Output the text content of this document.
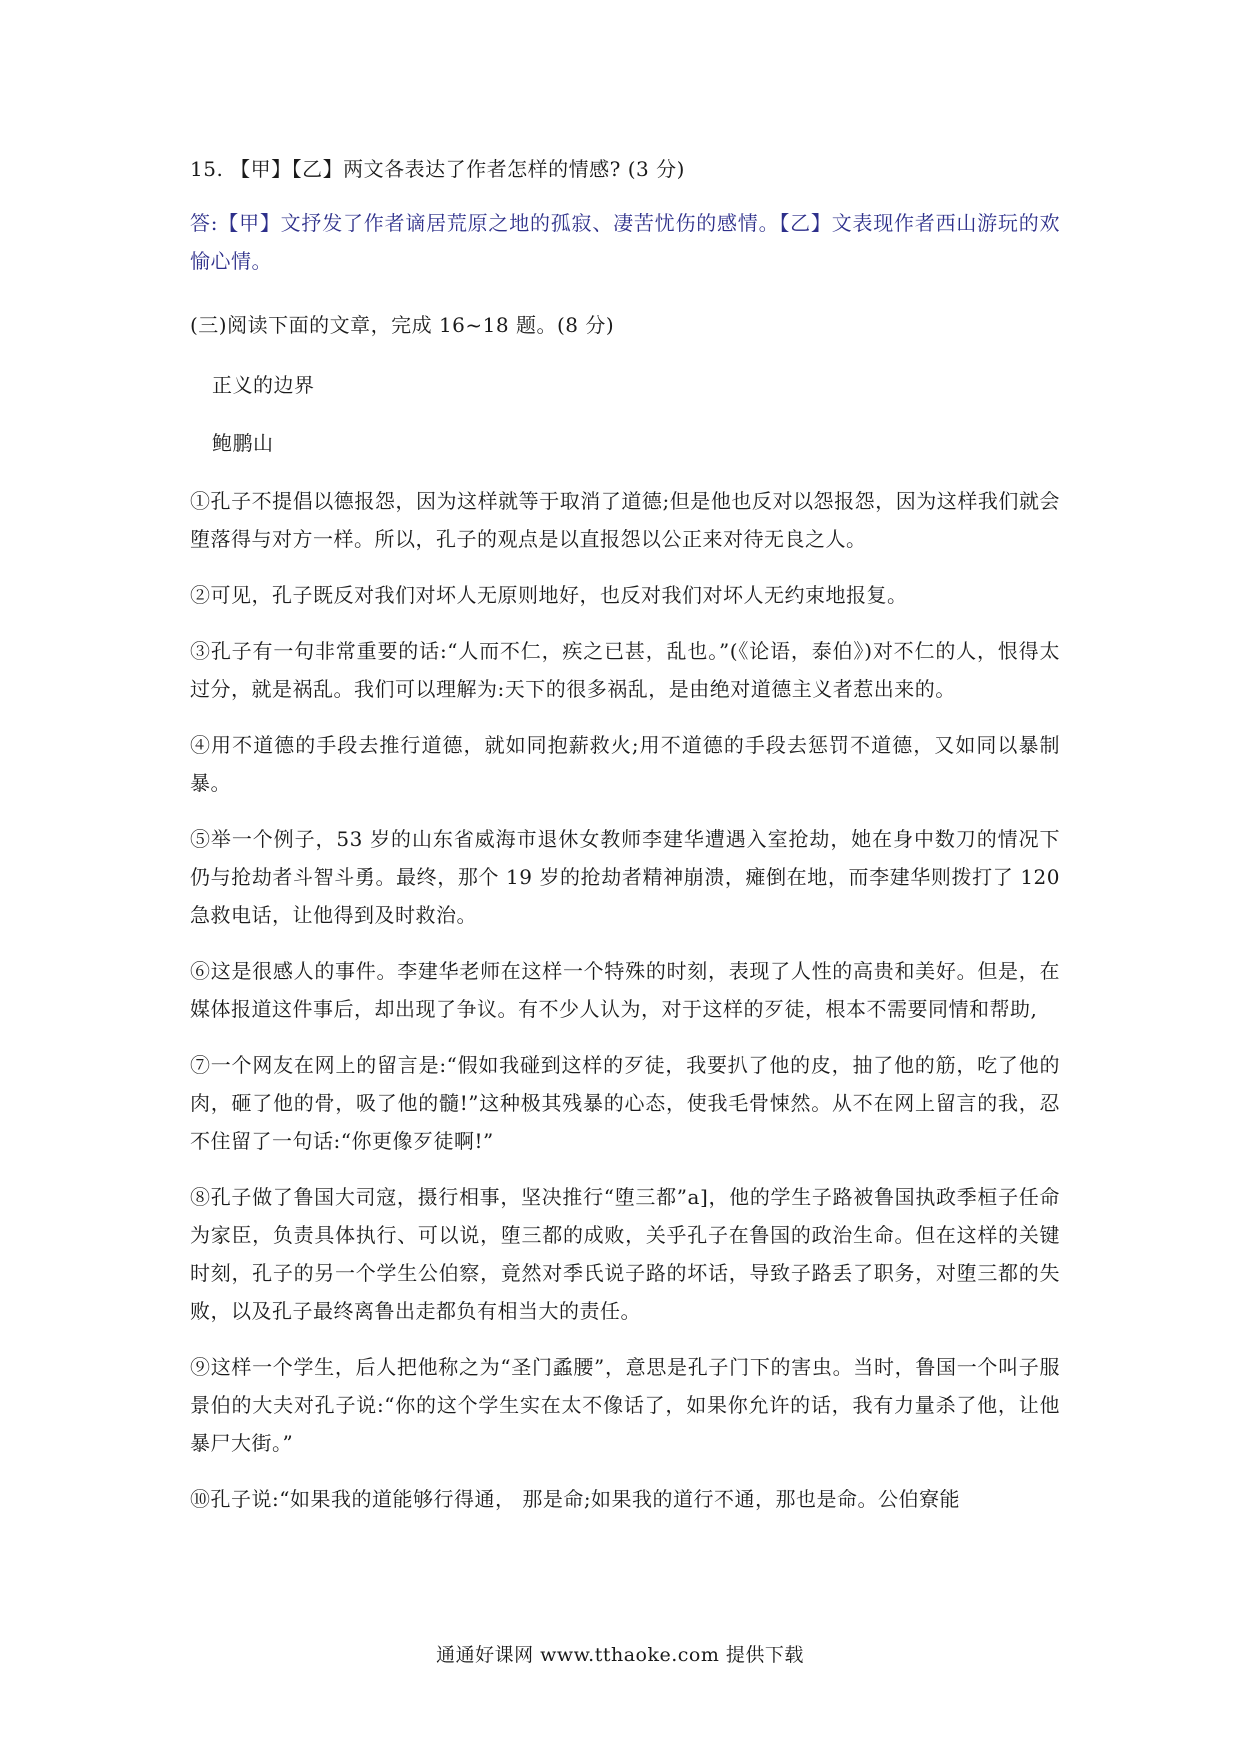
15. 【甲】【乙】两文各表达了作者怎样的情感? (3 分)

答:【甲】文抒发了作者谪居荒原之地的孤寂、凄苦忧伤的感情。【乙】文表现作者西山游玩的欢愉心情。

(三)阅读下面的文章，完成 16~18 题。(8 分)

正义的边界

鲍鹏山

①孔子不提倡以德报怨，因为这样就等于取消了道德;但是他也反对以怨报怨，因为这样我们就会堕落得与对方一样。所以，孔子的观点是以直报怨以公正来对待无良之人。

②可见，孔子既反对我们对坏人无原则地好，也反对我们对坏人无约束地报复。

③孔子有一句非常重要的话:“人而不仁，疾之已甚，乱也。”(《论语，泰伯》)对不仁的人，恨得太过分，就是祸乱。我们可以理解为:天下的很多祸乱，是由绝对道德主义者惹出来的。

④用不道德的手段去推行道德，就如同抱薪救火;用不道德的手段去惩罚不道德，又如同以暴制暴。

⑤举一个例子，53 岁的山东省威海市退休女教师李建华遭遇入室抢劫，她在身中数刀的情况下仍与抢劫者斗智斗勇。最终，那个 19 岁的抢劫者精神崩溃，瘫倒在地，而李建华则拨打了 120 急救电话，让他得到及时救治。

⑥这是很感人的事件。李建华老师在这样一个特殊的时刻，表现了人性的高贵和美好。但是，在媒体报道这件事后，却出现了争议。有不少人认为，对于这样的歹徒，根本不需要同情和帮助,

⑦一个网友在网上的留言是:“假如我碰到这样的歹徒，我要扒了他的皮，抽了他的筋，吃了他的肉，砸了他的骨，吸了他的髓!”这种极其残暴的心态，使我毛骨悚然。从不在网上留言的我，忍不住留了一句话:“你更像歹徒啊!”

⑧孔子做了鲁国大司寇，摄行相事，坚决推行“堕三都”a]，他的学生子路被鲁国执政季桓子任命为家臣，负责具体执行、可以说，堕三都的成败，关乎孔子在鲁国的政治生命。但在这样的关键时刻，孔子的另一个学生公伯察，竟然对季氏说子路的坏话，导致子路丢了职务，对堕三都的失败，以及孔子最终离鲁出走都负有相当大的责任。

⑨这样一个学生，后人把他称之为“圣门蟊腰”，意思是孔子门下的害虫。当时，鲁国一个叫子服景伯的大夫对孔子说:“你的这个学生实在太不像话了，如果你允许的话，我有力量杀了他，让他暴尸大街。”

⑩孔子说:“如果我的道能够行得通， 那是命;如果我的道行不通，那也是命。公伯寮能

通通好课网 www.tthaoke.com 提供下载
